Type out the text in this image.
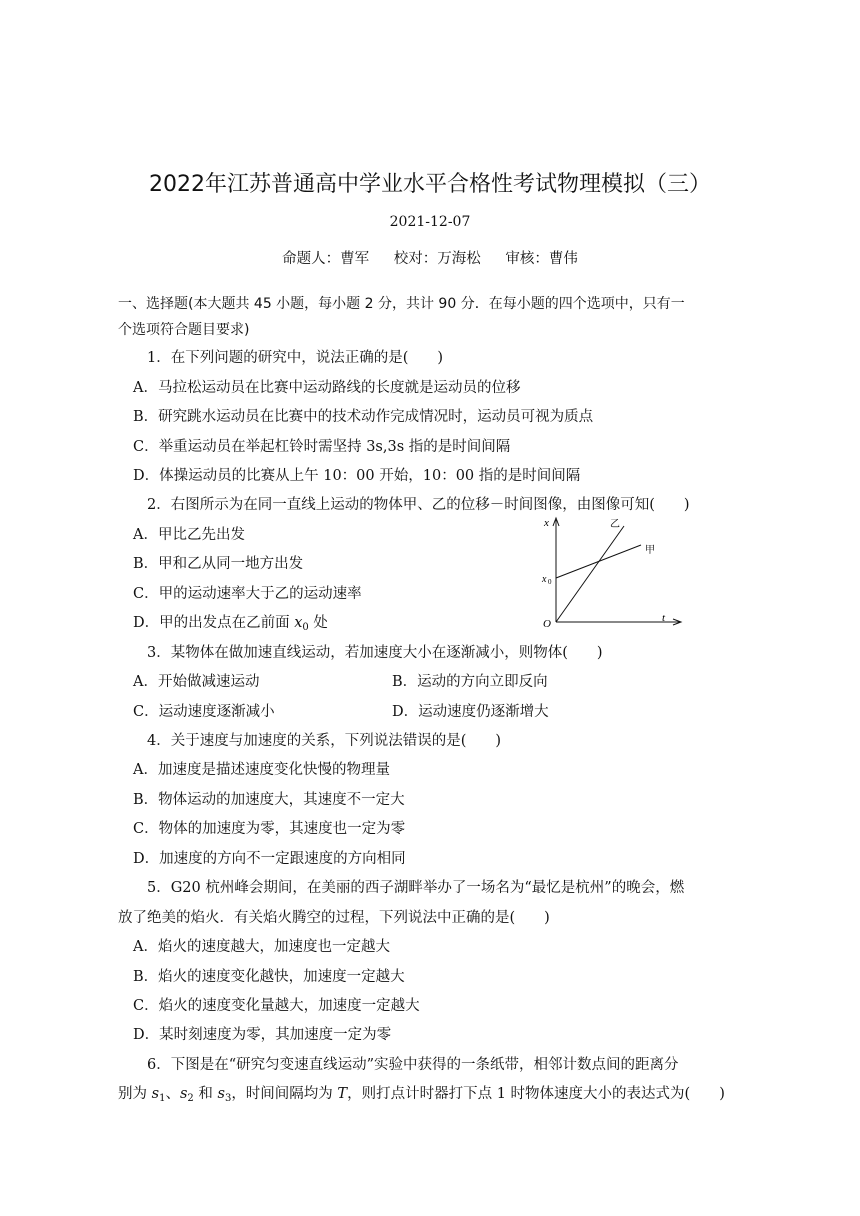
2022年江苏普通高中学业水平合格性考试物理模拟（三）
2021-12-07
命题人：曹军 校对：万海松 审核：曹伟
一、选择题(本大题共 45 小题，每小题 2 分，共计 90 分．在每小题的四个选项中，只有一
个选项符合题目要求)
1．在下列问题的研究中，说法正确的是(　　)
A．马拉松运动员在比赛中运动路线的长度就是运动员的位移
B．研究跳水运动员在比赛中的技术动作完成情况时，运动员可视为质点
C．举重运动员在举起杠铃时需坚持 3s,3s 指的是时间间隔
D．体操运动员的比赛从上午 10：00 开始，10：00 指的是时间间隔
2．右图所示为在同一直线上运动的物体甲、乙的位移－时间图像，由图像可知(　　)
A．甲比乙先出发
B．甲和乙从同一地方出发
C．甲的运动速率大于乙的运动速率
D．甲的出发点在乙前面 $x_0$ 处
x
t
O
x 0
甲
乙
3．某物体在做加速直线运动，若加速度大小在逐渐减小，则物体(　　)
A．开始做减速运动	B．运动的方向立即反向
C．运动速度逐渐减小	D．运动速度仍逐渐增大
4．关于速度与加速度的关系，下列说法错误的是(　　)
A．加速度是描述速度变化快慢的物理量
B．物体运动的加速度大，其速度不一定大
C．物体的加速度为零，其速度也一定为零
D．加速度的方向不一定跟速度的方向相同
5．G20 杭州峰会期间，在美丽的西子湖畔举办了一场名为“最忆是杭州”的晚会，燃
放了绝美的焰火．有关焰火腾空的过程，下列说法中正确的是(　　)
A．焰火的速度越大，加速度也一定越大
B．焰火的速度变化越快，加速度一定越大
C．焰火的速度变化量越大，加速度一定越大
D．某时刻速度为零，其加速度一定为零
6．下图是在“研究匀变速直线运动”实验中获得的一条纸带，相邻计数点间的距离分
别为 $s_1$、$s_2$ 和 $s_3$，时间间隔均为 T，则打点计时器打下点 1 时物体速度大小的表达式为(　　)
